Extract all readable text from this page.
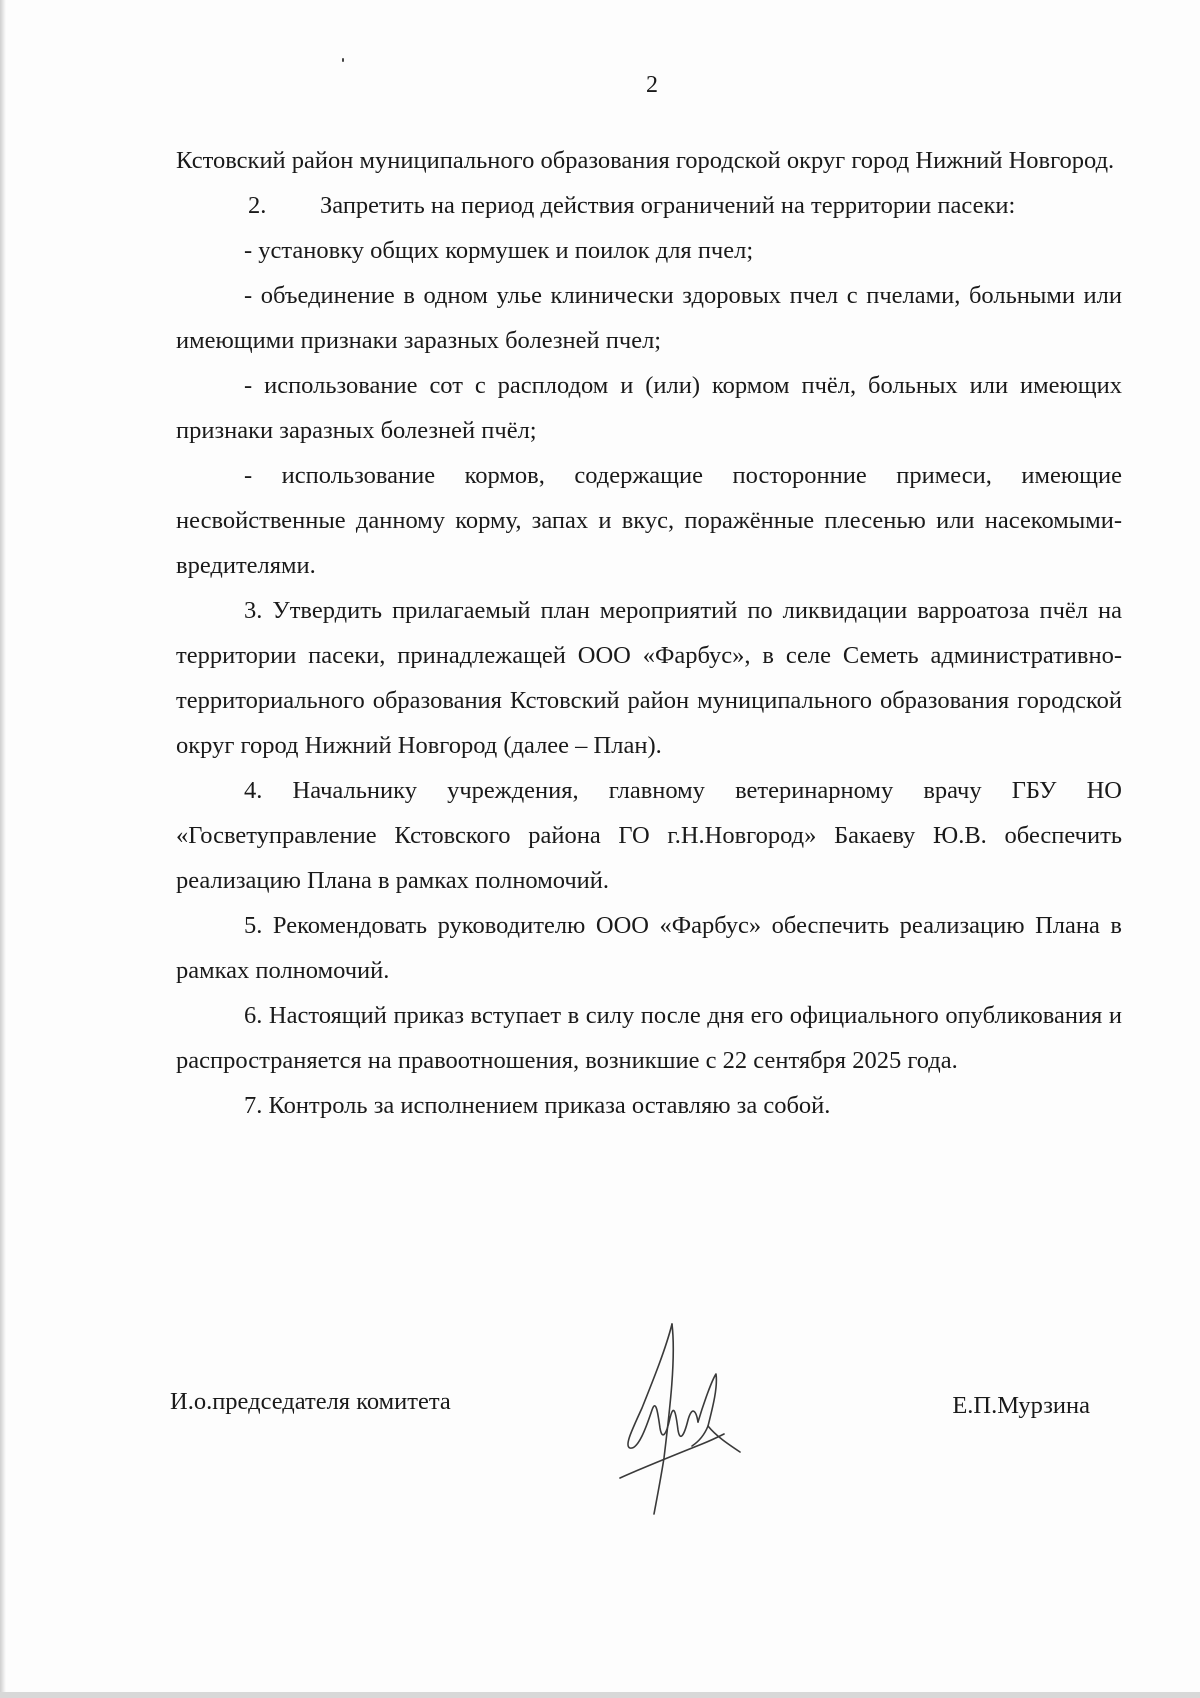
2

Кстовский район муниципального образования городской округ город Нижний Новгород.

2. Запретить на период действия ограничений на территории пасеки:

- установку общих кормушек и поилок для пчел;

- объединение в одном улье клинически здоровых пчел с пчелами, больными или имеющими признаки заразных болезней пчел;

- использование сот с расплодом и (или) кормом пчёл, больных или имеющих признаки заразных болезней пчёл;

- использование кормов, содержащие посторонние примеси, имеющие несвойственные данному корму, запах и вкус, поражённые плесенью или насекомыми-вредителями.

3. Утвердить прилагаемый план мероприятий по ликвидации варроатоза пчёл на территории пасеки, принадлежащей ООО «Фарбус», в селе Семеть административно-территориального образования Кстовский район муниципального образования городской округ город Нижний Новгород (далее – План).

4. Начальнику учреждения, главному ветеринарному врачу ГБУ НО «Госветуправление Кстовского района ГО г.Н.Новгород» Бакаеву Ю.В. обеспечить реализацию Плана в рамках полномочий.

5. Рекомендовать руководителю ООО «Фарбус» обеспечить реализацию Плана в рамках полномочий.

6. Настоящий приказ вступает в силу после дня его официального опубликования и распространяется на правоотношения, возникшие с 22 сентября 2025 года.

7. Контроль за исполнением приказа оставляю за собой.

И.о.председателя комитета	Е.П.Мурзина
